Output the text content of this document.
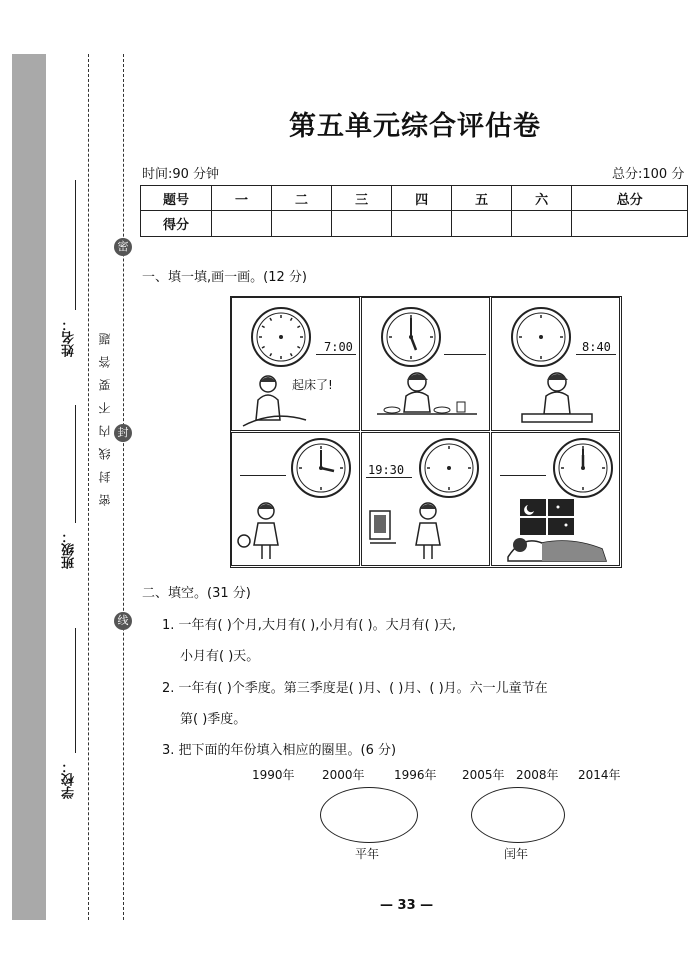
密
封
线
密封线内不要答题
姓名：
班级：
学校：
第五单元综合评估卷
时间:90 分钟	总分:100 分
题号	一	二	三	四	五	六	总分
得分							
一、填一填,画一画。(12 分)
7:00
起床了!
8:40
19:30
二、填空。(31 分)
1. 一年有( )个月,大月有( ),小月有( )。大月有( )天,
小月有( )天。
2. 一年有( )个季度。第三季度是( )月、( )月、( )月。六一儿童节在
第( )季度。
3. 把下面的年份填入相应的圈里。(6 分)
1990年 2000年 1996年 2005年 2008年 2014年
平年	闰年
— 33 —
